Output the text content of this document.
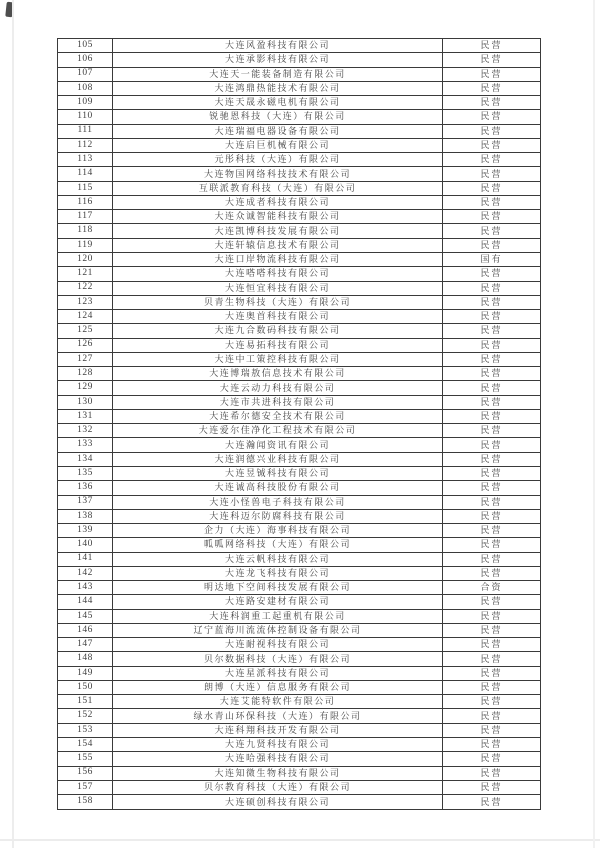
105	大连风盈科技有限公司	民营
106	大连承影科技有限公司	民营
107	大连天一能装备制造有限公司	民营
108	大连鸿鼎热能技术有限公司	民营
109	大连天晟永磁电机有限公司	民营
110	锐驰恩科技（大连）有限公司	民营
111	大连瑞福电器设备有限公司	民营
112	大连启巨机械有限公司	民营
113	元彤科技（大连）有限公司	民营
114	大连物国网络科技技术有限公司	民营
115	互联派教育科技（大连）有限公司	民营
116	大连成者科技有限公司	民营
117	大连众诚智能科技有限公司	民营
118	大连凯博科技发展有限公司	民营
119	大连轩辕信息技术有限公司	民营
120	大连口岸物流科技有限公司	国有
121	大连嗒嗒科技有限公司	民营
122	大连恒宜科技有限公司	民营
123	贝青生物科技（大连）有限公司	民营
124	大连奥首科技有限公司	民营
125	大连九合数码科技有限公司	民营
126	大连易拓科技有限公司	民营
127	大连中工策控科技有限公司	民营
128	大连博瑞敖信息技术有限公司	民营
129	大连云动力科技有限公司	民营
130	大连市共进科技有限公司	民营
131	大连希尔德安全技术有限公司	民营
132	大连爱尔佳净化工程技术有限公司	民营
133	大连瀚闻资讯有限公司	民营
134	大连润德兴业科技有限公司	民营
135	大连昱铖科技有限公司	民营
136	大连诚高科技股份有限公司	民营
137	大连小怪兽电子科技有限公司	民营
138	大连科迈尔防腐科技有限公司	民营
139	企力（大连）海事科技有限公司	民营
140	呱呱网络科技（大连）有限公司	民营
141	大连云帆科技有限公司	民营
142	大连龙飞科技有限公司	民营
143	明达地下空间科技发展有限公司	合资
144	大连路安建材有限公司	民营
145	大连科润重工起重机有限公司	民营
146	辽宁蓝海川流流体控制设备有限公司	民营
147	大连耐视科技有限公司	民营
148	贝尔数据科技（大连）有限公司	民营
149	大连星派科技有限公司	民营
150	朗博（大连）信息服务有限公司	民营
151	大连艾能特软件有限公司	民营
152	绿水青山环保科技（大连）有限公司	民营
153	大连科翔科技开发有限公司	民营
154	大连九贤科技有限公司	民营
155	大连哈强科技有限公司	民营
156	大连知微生物科技有限公司	民营
157	贝尔教育科技（大连）有限公司	民营
158	大连硕创科技有限公司	民营
